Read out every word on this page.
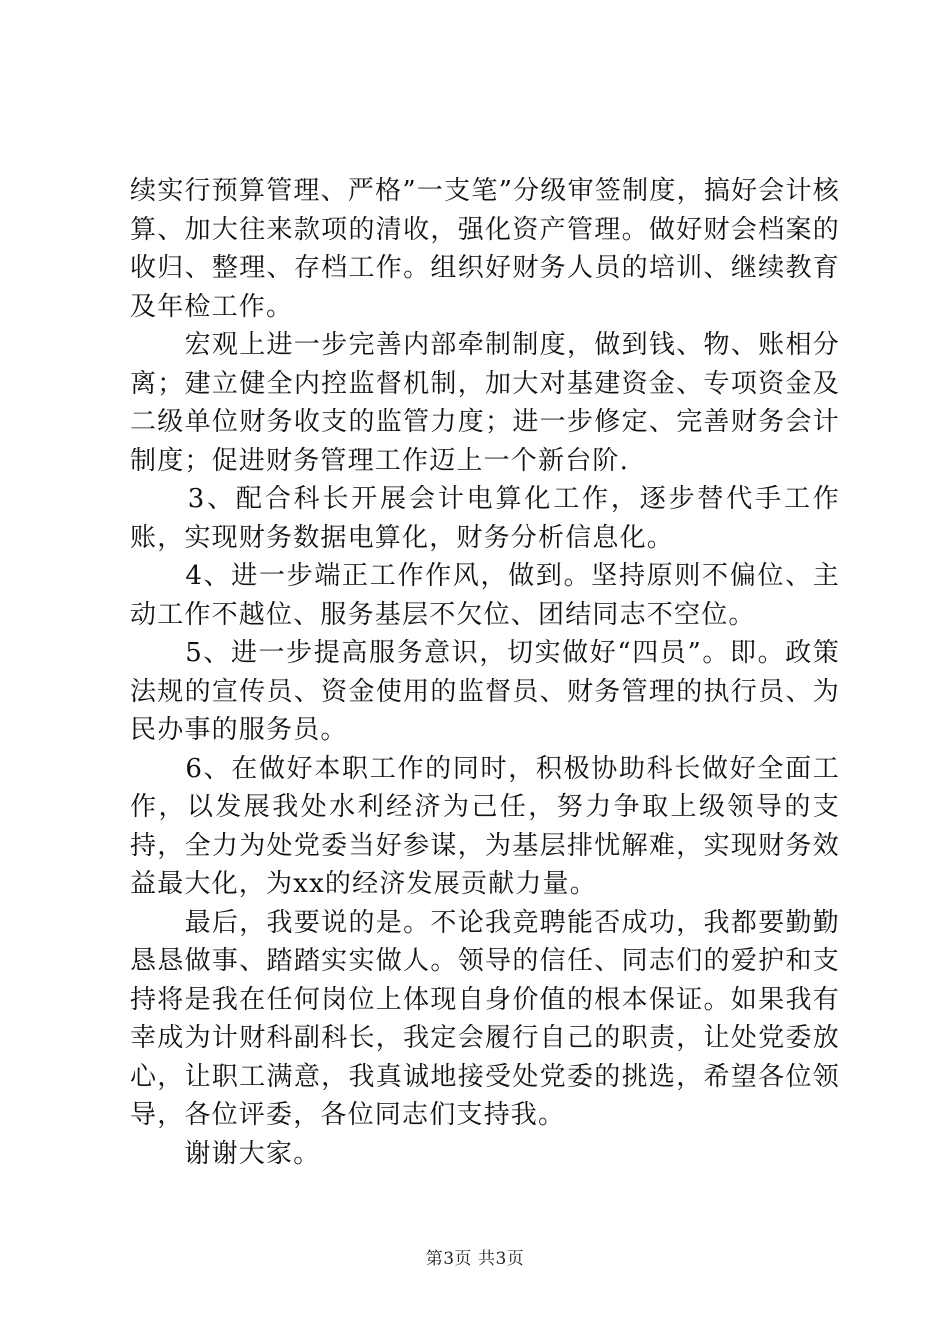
续实行预算管理、严格”一支笔”分级审签制度，搞好会计核算、加大往来款项的清收，强化资产管理。做好财会档案的收归、整理、存档工作。组织好财务人员的培训、继续教育及年检工作。

　　宏观上进一步完善内部牵制制度，做到钱、物、账相分离；建立健全内控监督机制，加大对基建资金、专项资金及二级单位财务收支的监管力度；进一步修定、完善财务会计制度；促进财务管理工作迈上一个新台阶.

　　3、配合科长开展会计电算化工作，逐步替代手工作账，实现财务数据电算化，财务分析信息化。

　　4、进一步端正工作作风，做到。坚持原则不偏位、主动工作不越位、服务基层不欠位、团结同志不空位。

　　5、进一步提高服务意识，切实做好“四员”。即。政策法规的宣传员、资金使用的监督员、财务管理的执行员、为民办事的服务员。

　　6、在做好本职工作的同时，积极协助科长做好全面工作，以发展我处水利经济为己任，努力争取上级领导的支持，全力为处党委当好参谋，为基层排忧解难，实现财务效益最大化，为xx的经济发展贡献力量。

　　最后，我要说的是。不论我竞聘能否成功，我都要勤勤恳恳做事、踏踏实实做人。领导的信任、同志们的爱护和支持将是我在任何岗位上体现自身价值的根本保证。如果我有幸成为计财科副科长，我定会履行自己的职责，让处党委放心，让职工满意，我真诚地接受处党委的挑选，希望各位领导，各位评委，各位同志们支持我。

　　谢谢大家。

第3页 共3页
